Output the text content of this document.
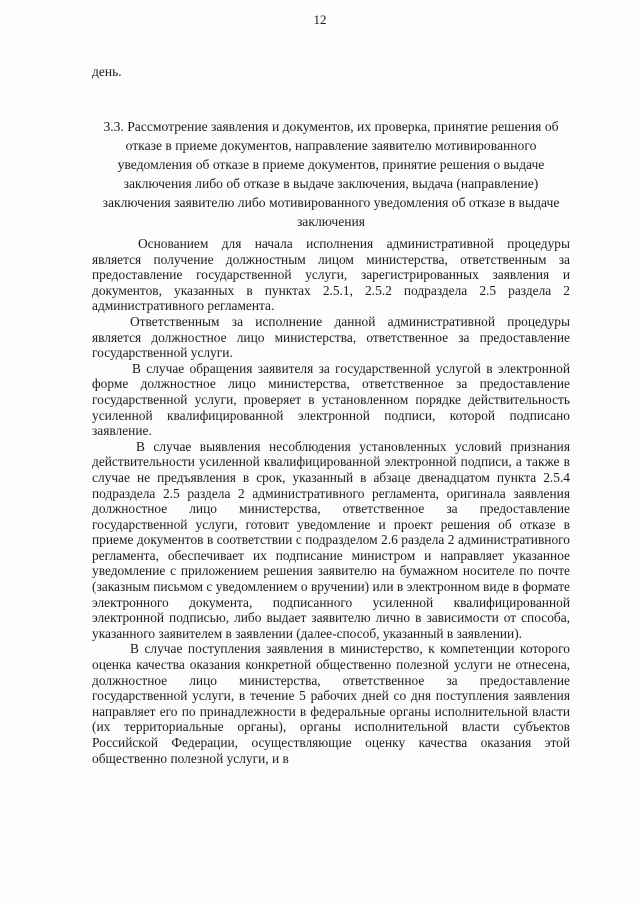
12
день.
3.3. Рассмотрение заявления и документов, их проверка, принятие решения об отказе в приеме документов, направление заявителю мотивированного уведомления об отказе в приеме документов, принятие решения о выдаче заключения либо об отказе в выдаче заключения, выдача (направление) заключения заявителю либо мотивированного уведомления об отказе в выдаче заключения

Основанием для начала исполнения административной процедуры является получение должностным лицом министерства, ответственным за предоставление государственной услуги, зарегистрированных заявления и документов, указанных в пунктах 2.5.1, 2.5.2 подраздела 2.5 раздела 2 административного регламента.

Ответственным за исполнение данной административной процедуры является должностное лицо министерства, ответственное за предоставление государственной услуги.

В случае обращения заявителя за государственной услугой в электронной форме должностное лицо министерства, ответственное за предоставление государственной услуги, проверяет в установленном порядке действительность усиленной квалифицированной электронной подписи, которой подписано заявление.

В случае выявления несоблюдения установленных условий признания действительности усиленной квалифицированной электронной подписи, а также в случае не предъявления в срок, указанный в абзаце двенадцатом пункта 2.5.4 подраздела 2.5 раздела 2 административного регламента, оригинала заявления должностное лицо министерства, ответственное за предоставление государственной услуги, готовит уведомление и проект решения об отказе в приеме документов в соответствии с подразделом 2.6 раздела 2 административного регламента, обеспечивает их подписание министром и направляет указанное уведомление с приложением решения заявителю на бумажном носителе по почте (заказным письмом с уведомлением о вручении) или в электронном виде в формате электронного документа, подписанного усиленной квалифицированной электронной подписью, либо выдает заявителю лично в зависимости от способа, указанного заявителем в заявлении (далее-способ, указанный в заявлении).

В случае поступления заявления в министерство, к компетенции которого оценка качества оказания конкретной общественно полезной услуги не отнесена, должностное лицо министерства, ответственное за предоставление государственной услуги, в течение 5 рабочих дней со дня поступления заявления направляет его по принадлежности в федеральные органы исполнительной власти (их территориальные органы), органы исполнительной власти субъектов Российской Федерации, осуществляющие оценку качества оказания этой общественно полезной услуги, и в
